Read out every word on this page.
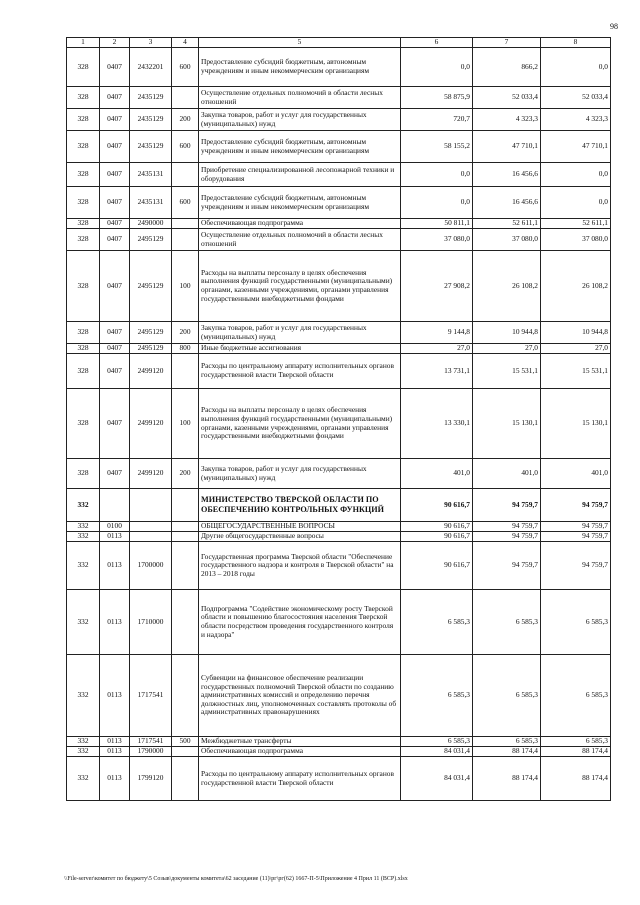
98
1	2	3	4	5	6	7	8
328	0407	2432201	600	Предоставление субсидий бюджетным, автономным учреждениям и иным некоммерческим организациям	0,0	866,2	0,0
328	0407	2435129		Осуществление отдельных полномочий в области лесных отношений	58 875,9	52 033,4	52 033,4
328	0407	2435129	200	Закупка товаров, работ и услуг для государственных (муниципальных) нужд	720,7	4 323,3	4 323,3
328	0407	2435129	600	Предоставление субсидий бюджетным, автономным учреждениям и иным некоммерческим организациям	58 155,2	47 710,1	47 710,1
328	0407	2435131		Приобретение специализированной лесопожарной техники и оборудования	0,0	16 456,6	0,0
328	0407	2435131	600	Предоставление субсидий бюджетным, автономным учреждениям и иным некоммерческим организациям	0,0	16 456,6	0,0
328	0407	2490000		Обеспечивающая подпрограмма	50 811,1	52 611,1	52 611,1
328	0407	2495129		Осуществление отдельных полномочий в области лесных отношений	37 080,0	37 080,0	37 080,0
328	0407	2495129	100	Расходы на выплаты персоналу в целях обеспечения выполнения функций государственными (муниципальными) органами, казенными учреждениями, органами управления государственными внебюджетными фондами	27 908,2	26 108,2	26 108,2
328	0407	2495129	200	Закупка товаров, работ и услуг для государственных (муниципальных) нужд	9 144,8	10 944,8	10 944,8
328	0407	2495129	800	Иные бюджетные ассигнования	27,0	27,0	27,0
328	0407	2499120		Расходы по центральному аппарату исполнительных органов государственной власти Тверской области	13 731,1	15 531,1	15 531,1
328	0407	2499120	100	Расходы на выплаты персоналу в целях обеспечения выполнения функций государственными (муниципальными) органами, казенными учреждениями, органами управления государственными внебюджетными фондами	13 330,1	15 130,1	15 130,1
328	0407	2499120	200	Закупка товаров, работ и услуг для государственных (муниципальных) нужд	401,0	401,0	401,0
332				МИНИСТЕРСТВО ТВЕРСКОЙ ОБЛАСТИ ПО ОБЕСПЕЧЕНИЮ КОНТРОЛЬНЫХ ФУНКЦИЙ	90 616,7	94 759,7	94 759,7
332	0100			ОБЩЕГОСУДАРСТВЕННЫЕ ВОПРОСЫ	90 616,7	94 759,7	94 759,7
332	0113			Другие общегосударственные вопросы	90 616,7	94 759,7	94 759,7
332	0113	1700000		Государственная программа Тверской области "Обеспечение государственного надзора и контроля в Тверской области" на 2013 – 2018 годы	90 616,7	94 759,7	94 759,7
332	0113	1710000		Подпрограмма "Содействие экономическому росту Тверской области и повышению благосостояния населения Тверской области посредством проведения государственного контроля и надзора"	6 585,3	6 585,3	6 585,3
332	0113	1717541		Субвенции на финансовое обеспечение реализации государственных полномочий Тверской области по созданию административных комиссий и определению перечня должностных лиц, уполномоченных составлять протоколы об административных правонарушениях	6 585,3	6 585,3	6 585,3
332	0113	1717541	500	Межбюджетные трансферты	6 585,3	6 585,3	6 585,3
332	0113	1790000		Обеспечивающая подпрограмма	84 031,4	88 174,4	88 174,4
332	0113	1799120		Расходы по центральному аппарату исполнительных органов государственной власти Тверской области	84 031,4	88 174,4	88 174,4
\\File-server\комитет по бюджету\5 Созыв\документы комитета\62 заседание (11)\рг\рг(62) 1667-П-5\Приложение 4 Прил 11 (ВСР).xlsx
